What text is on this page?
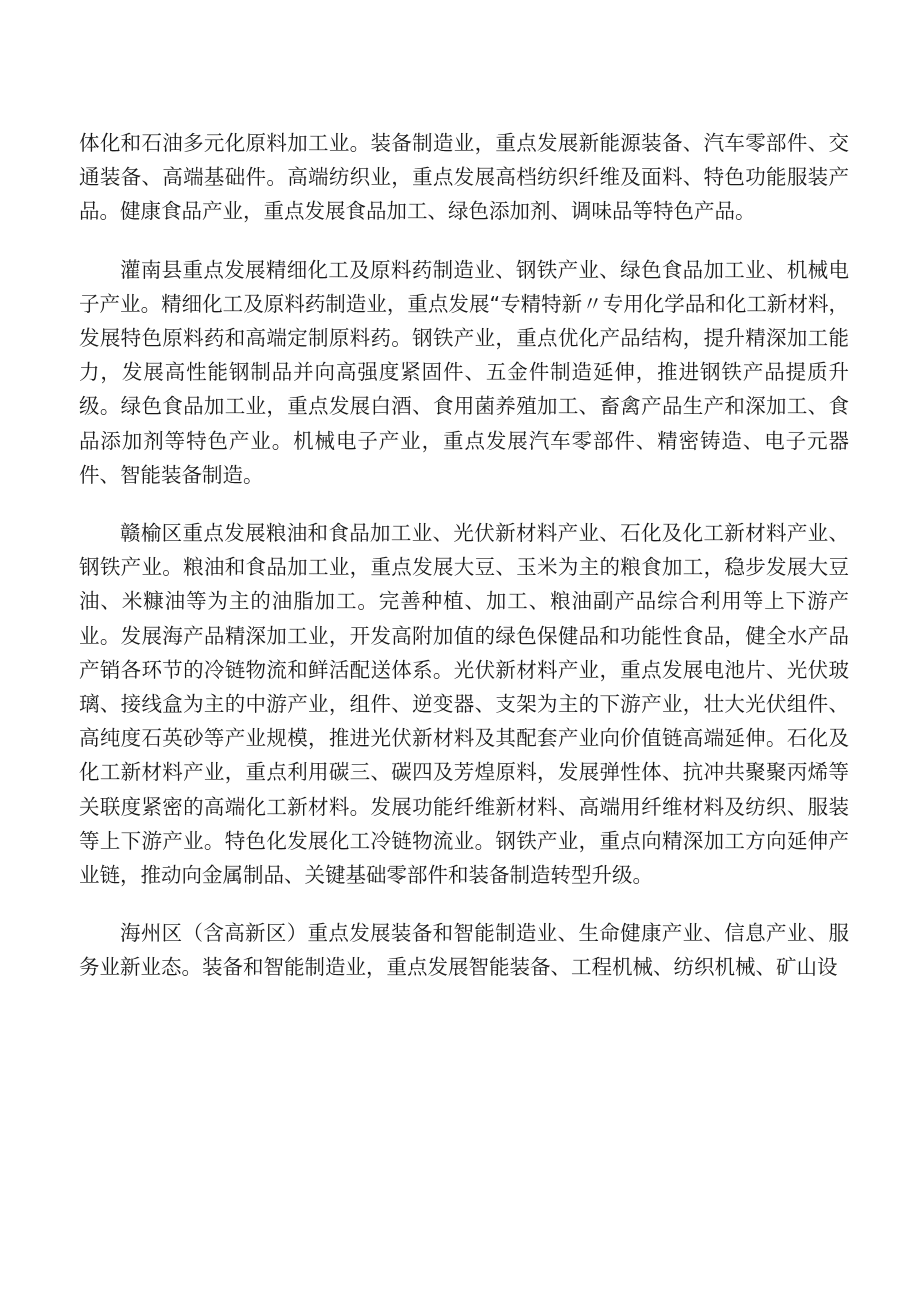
体化和石油多元化原料加工业。装备制造业，重点发展新能源装备、汽车零部件、交通装备、高端基础件。高端纺织业，重点发展高档纺织纤维及面料、特色功能服装产品。健康食品产业，重点发展食品加工、绿色添加剂、调味品等特色产品。

灌南县重点发展精细化工及原料药制造业、钢铁产业、绿色食品加工业、机械电子产业。精细化工及原料药制造业，重点发展“专精特新〃专用化学品和化工新材料，发展特色原料药和高端定制原料药。钢铁产业，重点优化产品结构，提升精深加工能力，发展高性能钢制品并向高强度紧固件、五金件制造延伸，推进钢铁产品提质升级。绿色食品加工业，重点发展白酒、食用菌养殖加工、畜禽产品生产和深加工、食品添加剂等特色产业。机械电子产业，重点发展汽车零部件、精密铸造、电子元器件、智能装备制造。

赣榆区重点发展粮油和食品加工业、光伏新材料产业、石化及化工新材料产业、钢铁产业。粮油和食品加工业，重点发展大豆、玉米为主的粮食加工，稳步发展大豆油、米糠油等为主的油脂加工。完善种植、加工、粮油副产品综合利用等上下游产业。发展海产品精深加工业，开发高附加值的绿色保健品和功能性食品，健全水产品产销各环节的冷链物流和鲜活配送体系。光伏新材料产业，重点发展电池片、光伏玻璃、接线盒为主的中游产业，组件、逆变器、支架为主的下游产业，壮大光伏组件、高纯度石英砂等产业规模，推进光伏新材料及其配套产业向价值链高端延伸。石化及化工新材料产业，重点利用碳三、碳四及芳煌原料，发展弹性体、抗冲共聚聚丙烯等关联度紧密的高端化工新材料。发展功能纤维新材料、高端用纤维材料及纺织、服装等上下游产业。特色化发展化工冷链物流业。钢铁产业，重点向精深加工方向延伸产业链，推动向金属制品、关键基础零部件和装备制造转型升级。

海州区（含高新区）重点发展装备和智能制造业、生命健康产业、信息产业、服务业新业态。装备和智能制造业，重点发展智能装备、工程机械、纺织机械、矿山设
